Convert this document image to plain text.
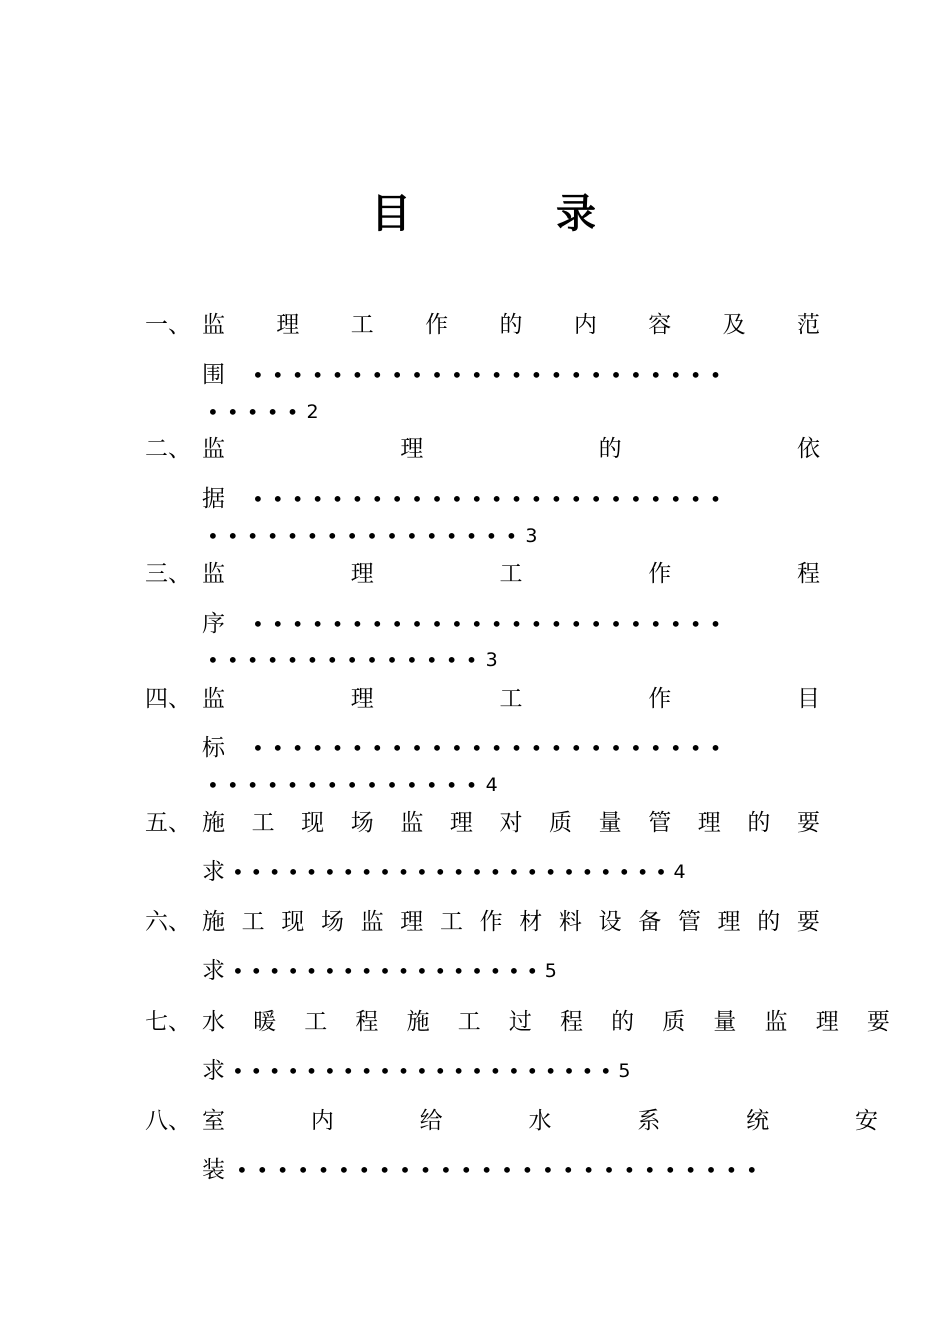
目	录
一、 监 理 工 作 的 内 容 及 范
围	••••••••••••••••••••••••
••••• 2
二、 监	理	的	依
据	••••••••••••••••••••••••
•••••••••••••••• 3
三、 监	理	工	作	程
序	••••••••••••••••••••••••
•••••••••••••• 3
四、 监	理	工	作	目
标	••••••••••••••••••••••••
•••••••••••••• 4
五、 施 工 现 场 监 理 对 质 量 管 理 的 要
求 •••••••••••••••••••••••• 4
六、 施 工 现 场 监 理 工 作 材 料 设 备 管 理 的 要
求 ••••••••••••••••• 5
七、 水 暖 工 程 施 工 过 程 的 质 量 监 理 要
求 ••••••••••••••••••••• 5
八、 室	内	给	水	系	统	安
装 ••••••••••••••••••••••••••
